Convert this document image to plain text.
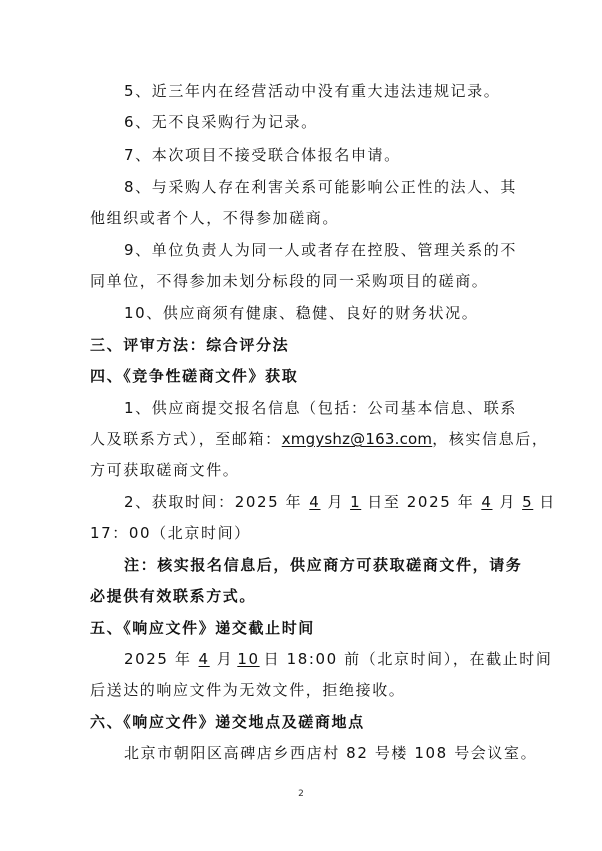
5、近三年内在经营活动中没有重大违法违规记录。
6、无不良采购行为记录。
7、本次项目不接受联合体报名申请。
8、与采购人存在利害关系可能影响公正性的法人、其
他组织或者个人，不得参加磋商。
9、单位负责人为同一人或者存在控股、管理关系的不
同单位，不得参加未划分标段的同一采购项目的磋商。
10、供应商须有健康、稳健、良好的财务状况。
三、评审方法：综合评分法
四、《竞争性磋商文件》获取
1、供应商提交报名信息（包括：公司基本信息、联系
人及联系方式），至邮箱：xmgyshz@163.com，核实信息后，
方可获取磋商文件。
2、获取时间：2025 年 4 月 1 日至 2025 年 4 月 5 日
17：00（北京时间）
注：核实报名信息后，供应商方可获取磋商文件，请务
必提供有效联系方式。
五、《响应文件》递交截止时间
2025 年 4 月 10 日 18:00 前（北京时间），在截止时间
后送达的响应文件为无效文件，拒绝接收。
六、《响应文件》递交地点及磋商地点
北京市朝阳区高碑店乡西店村 82 号楼 108 号会议室。
2
